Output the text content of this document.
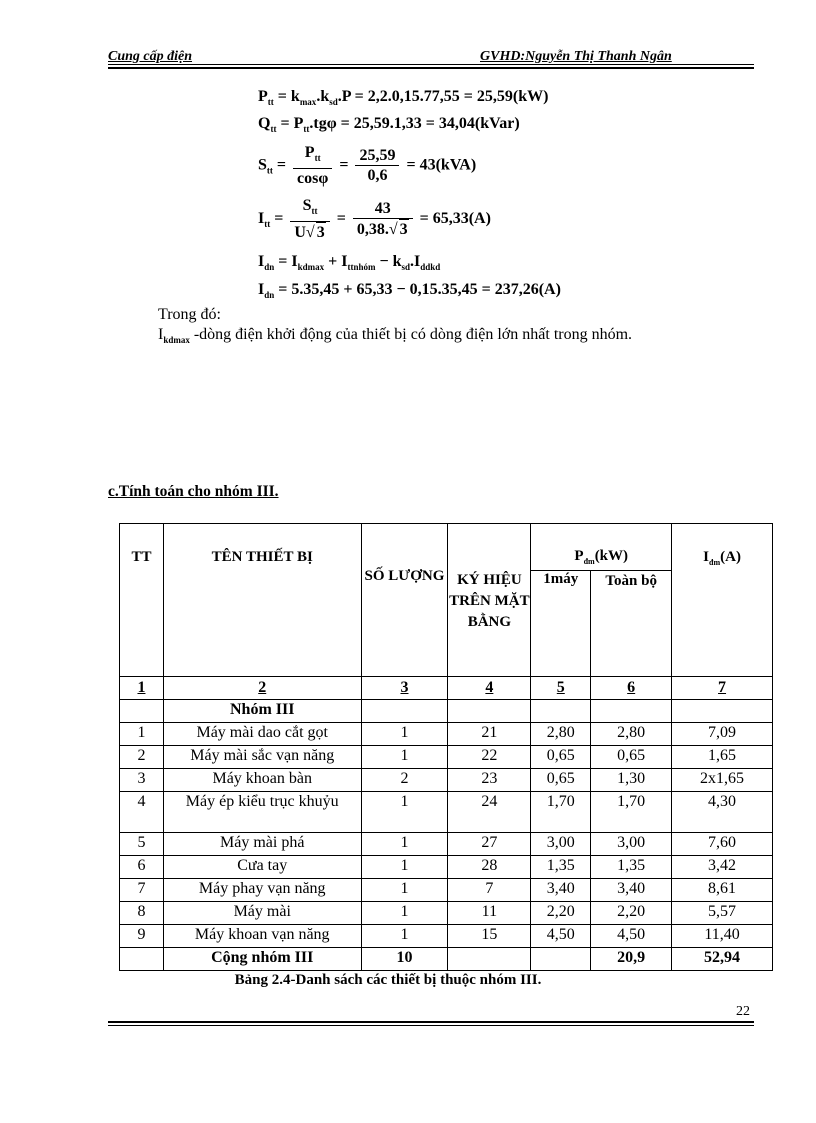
Cung cấp điện	GVHD:Nguyễn Thị Thanh Ngân
$P_{tt} = k_{max}.k_{sd}.P = 2,2.0,15.77,55 = 25,59(kW)$
$Q_{tt} = P_{tt}.tg\varphi = 25,59.1,33$ = 34,04(kVar)
$S_{tt} = \frac{P_{tt}}{\cos\varphi} = \frac{25,59}{0,6} = 43(kVA)$
$I_{tt} = \frac{S_{tt}}{U√ 3} = \frac{43}{0,38.√ 3} = 65,33(A)$
$I_{dn} = I_{kdmax} + I_{ttnhóm} - k_{sd}.I_{ddkd}$
$I_{dn} = 5.35,45 + 65,33 - 0,15.35,45 = 237,26(A)$
Trong đó:
$I_{kdmax}$ -dòng điện khởi động của thiết bị có dòng điện lớn nhất trong nhóm.
c.Tính toán cho nhóm III.
TT	TÊN THIẾT BỊ	SỐ LƯỢNG	KÝ HIỆU TRÊN MẶT BẰNG	$P_{đm}(kW)$		$I_{đm}(A)$
				1máy	Toàn bộ	
1	2	3	4	5	6	7
	Nhóm III					
1	Máy mài dao cắt gọt	1	21	2,80	2,80	7,09
2	Máy mài sắc vạn năng	1	22	0,65	0,65	1,65
3	Máy khoan bàn	2	23	0,65	1,30	2x1,65
4	Máy ép kiểu trục khuỷu	1	24	1,70	1,70	4,30
5	Máy mài phá	1	27	3,00	3,00	7,60
6	Cưa tay	1	28	1,35	1,35	3,42
7	Máy phay vạn năng	1	7	3,40	3,40	8,61
8	Máy mài	1	11	2,20	2,20	5,57
9	Máy khoan vạn năng	1	15	4,50	4,50	11,40
	Cộng nhóm III	10			20,9	52,94
Bảng 2.4-Danh sách các thiết bị thuộc nhóm III.
22
